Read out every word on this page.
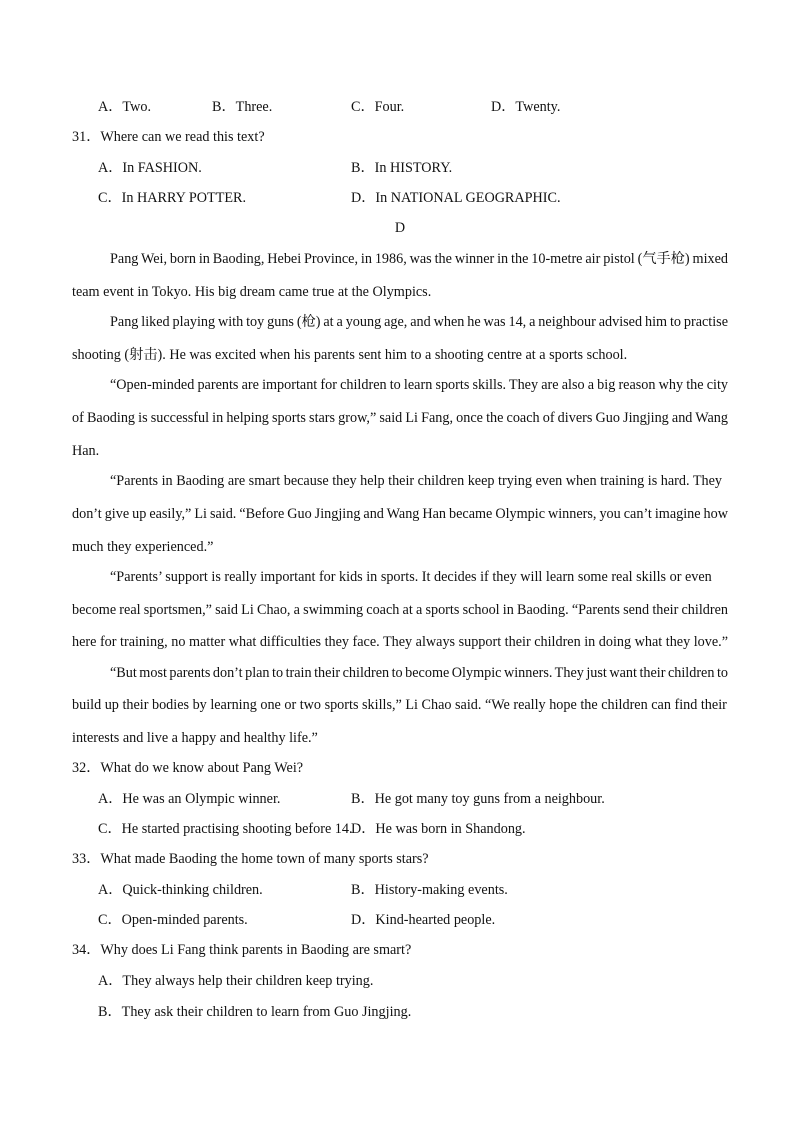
A．Two.	B．Three.	C．Four.	D．Twenty.
31．Where can we read this text?
A．In FASHION.	B．In HISTORY.
C．In HARRY POTTER.	D．In NATIONAL GEOGRAPHIC.
D
Pang Wei, born in Baoding, Hebei Province, in 1986, was the winner in the 10-metre air pistol (气手枪) mixed
team event in Tokyo. His big dream came true at the Olympics.
Pang liked playing with toy guns (枪) at a young age, and when he was 14, a neighbour advised him to practise
shooting (射击). He was excited when his parents sent him to a shooting centre at a sports school.
“Open-minded parents are important for children to learn sports skills. They are also a big reason why the city
of Baoding is successful in helping sports stars grow,” said Li Fang, once the coach of divers Guo Jingjing and Wang
Han.
“Parents in Baoding are smart because they help their children keep trying even when training is hard. They
don’t give up easily,” Li said. “Before Guo Jingjing and Wang Han became Olympic winners, you can’t imagine how
much they experienced.”
“Parents’ support is really important for kids in sports. It decides if they will learn some real skills or even
become real sportsmen,” said Li Chao, a swimming coach at a sports school in Baoding. “Parents send their children
here for training, no matter what difficulties they face. They always support their children in doing what they love.”
“But most parents don’t plan to train their children to become Olympic winners. They just want their children to
build up their bodies by learning one or two sports skills,” Li Chao said. “We really hope the children can find their
interests and live a happy and healthy life.”
32．What do we know about Pang Wei?
A．He was an Olympic winner.	B．He got many toy guns from a neighbour.
C．He started practising shooting before 14.
D．He was born in Shandong.
33．What made Baoding the home town of many sports stars?
A．Quick-thinking children.	B．History-making events.
C．Open-minded parents.	D．Kind-hearted people.
34．Why does Li Fang think parents in Baoding are smart?
A．They always help their children keep trying.
B．They ask their children to learn from Guo Jingjing.
